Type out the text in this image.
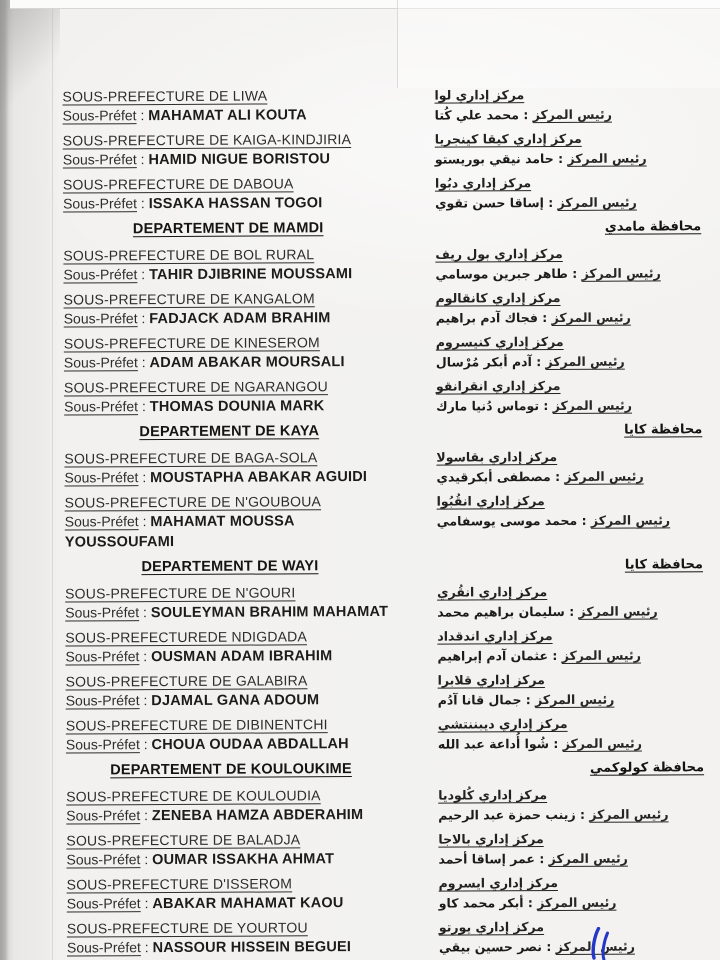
SOUS-PREFECTURE DE LIWA
Sous-Préfet : MAHAMAT ALI KOUTA
مركز إداري لوا
رئيس المركز : محمد علي كُتا
SOUS-PREFECTURE DE KAIGA-KINDJIRIA
Sous-Préfet : HAMID NIGUE BORISTOU
مركز إداري كيقا كينجريا
رئيس المركز : حامد نيقي بوريستو
SOUS-PREFECTURE DE DABOUA
Sous-Préfet : ISSAKA HASSAN TOGOI
مركز إداري دبُوا
رئيس المركز : إساقا حسن تقوي
DEPARTEMENT DE MAMDI	محافظة مامدي
SOUS-PREFECTURE DE BOL RURAL
Sous-Préfet : TAHIR DJIBRINE MOUSSAMI
مركز إداري بول ريف
رئيس المركز : طاهر جبرين موسامي
SOUS-PREFECTURE DE KANGALOM
Sous-Préfet : FADJACK ADAM BRAHIM
مركز إداري كانقالوم
رئيس المركز : فجاك آدم براهيم
SOUS-PREFECTURE DE KINESEROM
Sous-Préfet : ADAM ABAKAR MOURSALI
مركز إداري كنيسروم
رئيس المركز : آدم أبكر مُرْسال
SOUS-PREFECTURE DE NGARANGOU
Sous-Préfet : THOMAS DOUNIA MARK
مركز إداري انقرانقو
رئيس المركز : توماس دُنيا مارك
DEPARTEMENT DE KAYA	محافظة كايا
SOUS-PREFECTURE DE BAGA-SOLA
Sous-Préfet : MOUSTAPHA ABAKAR AGUIDI
مركز إداري بقاسولا
رئيس المركز : مصطفى أبكرقيدي
SOUS-PREFECTURE DE N'GOUBOUA
Sous-Préfet : MAHAMAT MOUSSA
YOUSSOUFAMI
مركز إداري انقُبُوا
رئيس المركز : محمد موسى يوسفامي
DEPARTEMENT DE WAYI	محافظة كايا
SOUS-PREFECTURE DE N'GOURI
Sous-Préfet : SOULEYMAN BRAHIM MAHAMAT
مركز إداري انقُري
رئيس المركز : سليمان براهيم محمد
SOUS-PREFECTUREDE NDIGDADA
Sous-Préfet : OUSMAN ADAM IBRAHIM
مركز إداري اندقداد
رئيس المركز : عثمان آدم إبراهيم
SOUS-PREFECTURE DE GALABIRA
Sous-Préfet : DJAMAL GANA ADOUM
مركز إداري قلابرا
رئيس المركز : جمال قانا آدُم
SOUS-PREFECTURE DE DIBINENTCHI
Sous-Préfet : CHOUA OUDAA ABDALLAH
مركز إداري ديبننتشي
رئيس المركز : شُوا أُداعة عبد الله
DEPARTEMENT DE KOULOUKIME	محافظة كولوكمي
SOUS-PREFECTURE DE KOULOUDIA
Sous-Préfet : ZENEBA HAMZA ABDERAHIM
مركز إداري كُلوديا
رئيس المركز : زينب حمزة عبد الرحيم
SOUS-PREFECTURE DE BALADJA
Sous-Préfet : OUMAR ISSAKHA AHMAT
مركز إداري بالاجا
رئيس المركز : عمر إساقا أحمد
SOUS-PREFECTURE D'ISSEROM
Sous-Préfet : ABAKAR MAHAMAT KAOU
مركز إداري ايسروم
رئيس المركز : أبكر محمد كاو
SOUS-PREFECTURE DE YOURTOU
Sous-Préfet : NASSOUR HISSEIN BEGUEI
مركز إداري يورتو
رئيس المركز : نصر حسين بيقي
